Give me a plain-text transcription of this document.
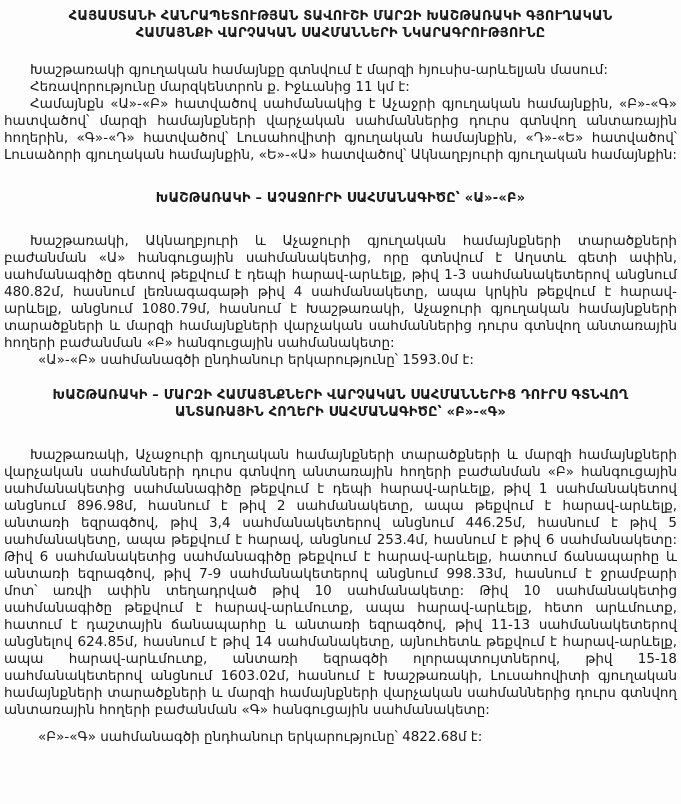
ՀԱՅԱՍՏԱՆԻ ՀԱՆՐԱՊԵՏՈՒԹՅԱՆ ՏԱՎՈՒՇԻ ՄԱՐԶԻ ԽԱՇԹԱՌԱԿԻ ԳՅՈՒՂԱԿԱՆ ՀԱՄԱՅՆՔԻ ՎԱՐՉԱԿԱՆ ՍԱՀՄԱՆՆԵՐԻ ՆԿԱՐԱԳՐՈՒԹՅՈՒՆԸ

Խաշթառակի գյուղական համայնքը գտնվում է մարզի հյուսիս-արևելյան մասում:

Հեռավորությունը մարզկենտրոն ք. Իջևանից 11 կմ է:

Համայնքն «Ա»-«Բ» հատվածով սահմանակից է Աչաջրի գյուղական համայնքին, «Բ»-«Գ» հատվածով՝ մարզի համայնքների վարչական սահմաններից դուրս գտնվող անտառային հողերին, «Գ»-«Դ» հատվածով՝ Լուսահովիտի գյուղական համայնքին, «Դ»-«Ե» հատվածով՝ Լուսաձորի գյուղական համայնքին, «Ե»-«Ա» հատվածով՝ Ակնաղբյուրի գյուղական համայնքին:

ԽԱՇԹԱՌԱԿԻ – ԱՉԱՋՈՒՐԻ ՍԱՀՄԱՆԱԳԻԾԸ՝ «Ա»-«Բ»

Խաշթառակի, Ակնաղբյուրի և Աչաջուրի գյուղական համայնքների տարածքների բաժանման «Ա» հանգուցային սահմանակետից, որը գտնվում է Աղստև գետի ափին, սահմանագիծը գետով թեքվում է դեպի հարավ-արևելք, թիվ 1-3 սահմանակետերով անցնում 480.82մ, հասնում լեռնագագաթի թիվ 4 սահմանակետը, ապա կրկին թեքվում է հարավ-արևելք, անցնում 1080.79մ, հասնում է Խաշթառակի, Աչաջուրի գյուղական համայնքների տարածքների և մարզի համայնքների վարչական սահմաններից դուրս գտնվող անտառային հողերի բաժանման «Բ» հանգուցային սահմանակետը:

«Ա»-«Բ» սահմանագծի ընդհանուր երկարությունը՝ 1593.0մ է:

ԽԱՇԹԱՌԱԿԻ – ՄԱՐԶԻ ՀԱՄԱՅՆՔՆԵՐԻ ՎԱՐՉԱԿԱՆ ՍԱՀՄԱՆՆԵՐԻՑ ԴՈՒՐՍ ԳՏՆՎՈՂ
ԱՆՏԱՌԱՅԻՆ ՀՈՂԵՐԻ ՍԱՀՄԱՆԱԳԻԾԸ՝ «Բ»-«Գ»

Խաշթառակի, Աչաջուրի գյուղական համայնքների տարածքների և մարզի համայնքների վարչական սահմանների դուրս գտնվող անտառային հողերի բաժանման «Բ» հանգուցային սահմանակետից սահմանագիծը թեքվում է դեպի հարավ-արևելք, թիվ 1 սահմանակետով անցնում 896.98մ, հասնում է թիվ 2 սահմանակետը, ապա թեքվում է հարավ-արևելք, անտառի եզրագծով, թիվ 3,4 սահմանակետերով անցնում 446.25մ, հասնում է թիվ 5 սահմանակետը, ապա թեքվում է հարավ, անցնում 253.4մ, հասնում է թիվ 6 սահմանակետը: Թիվ 6 սահմանակետից սահմանագիծը թեքվում է հարավ-արևելք, հատում ճանապարհը և անտառի եզրագծով, թիվ 7-9 սահմանակետերով անցնում 998.33մ, հասնում է ջրամբարի մոտ՝ առվի ափին տեղադրված թիվ 10 սահմանակետը: Թիվ 10 սահմանակետից սահմանագիծը թեքվում է հարավ-արևմուտք, ապա հարավ-արևելք, հետո արևմուտք, հատում է դաշտային ճանապարհը և անտառի եզրագծով, թիվ 11-13 սահմանակետերով անցնելով 624.85մ, հասնում է թիվ 14 սահմանակետը, այնուհետև թեքվում է հարավ-արևելք, ապա հարավ-արևմուտք, անտառի եզրագծի ոլորապտույտներով, թիվ 15-18 սահմանակետերով անցնում 1603.02մ, հասնում է Խաշթառակի, Լուսահովիտի գյուղական համայնքների տարածքների և մարզի համայնքների վարչական սահմաններից դուրս գտնվող անտառային հողերի բաժանման «Գ» հանգուցային սահմանակետը:

«Բ»-«Գ» սահմանագծի ընդհանուր երկարությունը՝ 4822.68մ է:
